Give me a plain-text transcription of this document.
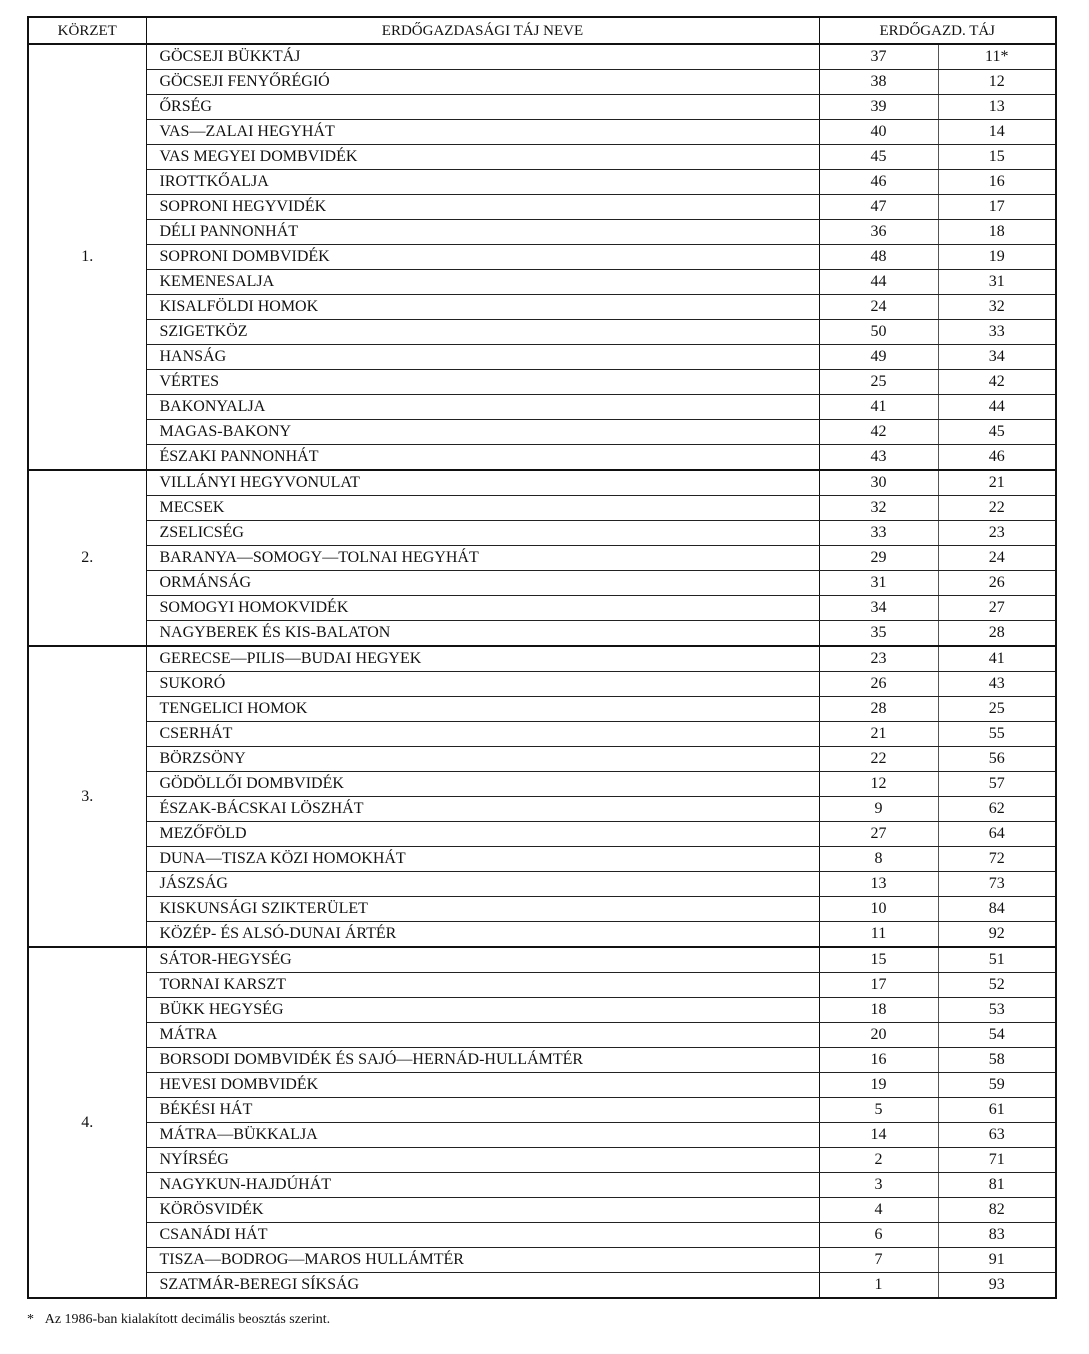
KÖRZET	ERDŐGAZDASÁGI TÁJ NEVE	ERDŐGAZD. TÁJ	
1.	GÖCSEJI BÜKKTÁJ	37	11*
	GÖCSEJI FENYŐRÉGIÓ	38	12
	ŐRSÉG	39	13
	VAS—ZALAI HEGYHÁT	40	14
	VAS MEGYEI DOMBVIDÉK	45	15
	IROTTKŐALJA	46	16
	SOPRONI HEGYVIDÉK	47	17
	DÉLI PANNONHÁT	36	18
	SOPRONI DOMBVIDÉK	48	19
	KEMENESALJA	44	31
	KISALFÖLDI HOMOK	24	32
	SZIGETKÖZ	50	33
	HANSÁG	49	34
	VÉRTES	25	42
	BAKONYALJA	41	44
	MAGAS-BAKONY	42	45
	ÉSZAKI PANNONHÁT	43	46
2.	VILLÁNYI HEGYVONULAT	30	21
	MECSEK	32	22
	ZSELICSÉG	33	23
	BARANYA—SOMOGY—TOLNAI HEGYHÁT	29	24
	ORMÁNSÁG	31	26
	SOMOGYI HOMOKVIDÉK	34	27
	NAGYBEREK ÉS KIS-BALATON	35	28
3.	GERECSE—PILIS—BUDAI HEGYEK	23	41
	SUKORÓ	26	43
	TENGELICI HOMOK	28	25
	CSERHÁT	21	55
	BÖRZSÖNY	22	56
	GÖDÖLLŐI DOMBVIDÉK	12	57
	ÉSZAK-BÁCSKAI LÖSZHÁT	9	62
	MEZŐFÖLD	27	64
	DUNA—TISZA KÖZI HOMOKHÁT	8	72
	JÁSZSÁG	13	73
	KISKUNSÁGI SZIKTERÜLET	10	84
	KÖZÉP- ÉS ALSÓ-DUNAI ÁRTÉR	11	92
4.	SÁTOR-HEGYSÉG	15	51
	TORNAI KARSZT	17	52
	BÜKK HEGYSÉG	18	53
	MÁTRA	20	54
	BORSODI DOMBVIDÉK ÉS SAJÓ—HERNÁD-HULLÁMTÉR	16	58
	HEVESI DOMBVIDÉK	19	59
	BÉKÉSI HÁT	5	61
	MÁTRA—BÜKKALJA	14	63
	NYÍRSÉG	2	71
	NAGYKUN-HAJDÚHÁT	3	81
	KÖRÖSVIDÉK	4	82
	CSANÁDI HÁT	6	83
	TISZA—BODROG—MAROS HULLÁMTÉR	7	91
	SZATMÁR-BEREGI SÍKSÁG	1	93
* Az 1986-ban kialakított decimális beosztás szerint.
